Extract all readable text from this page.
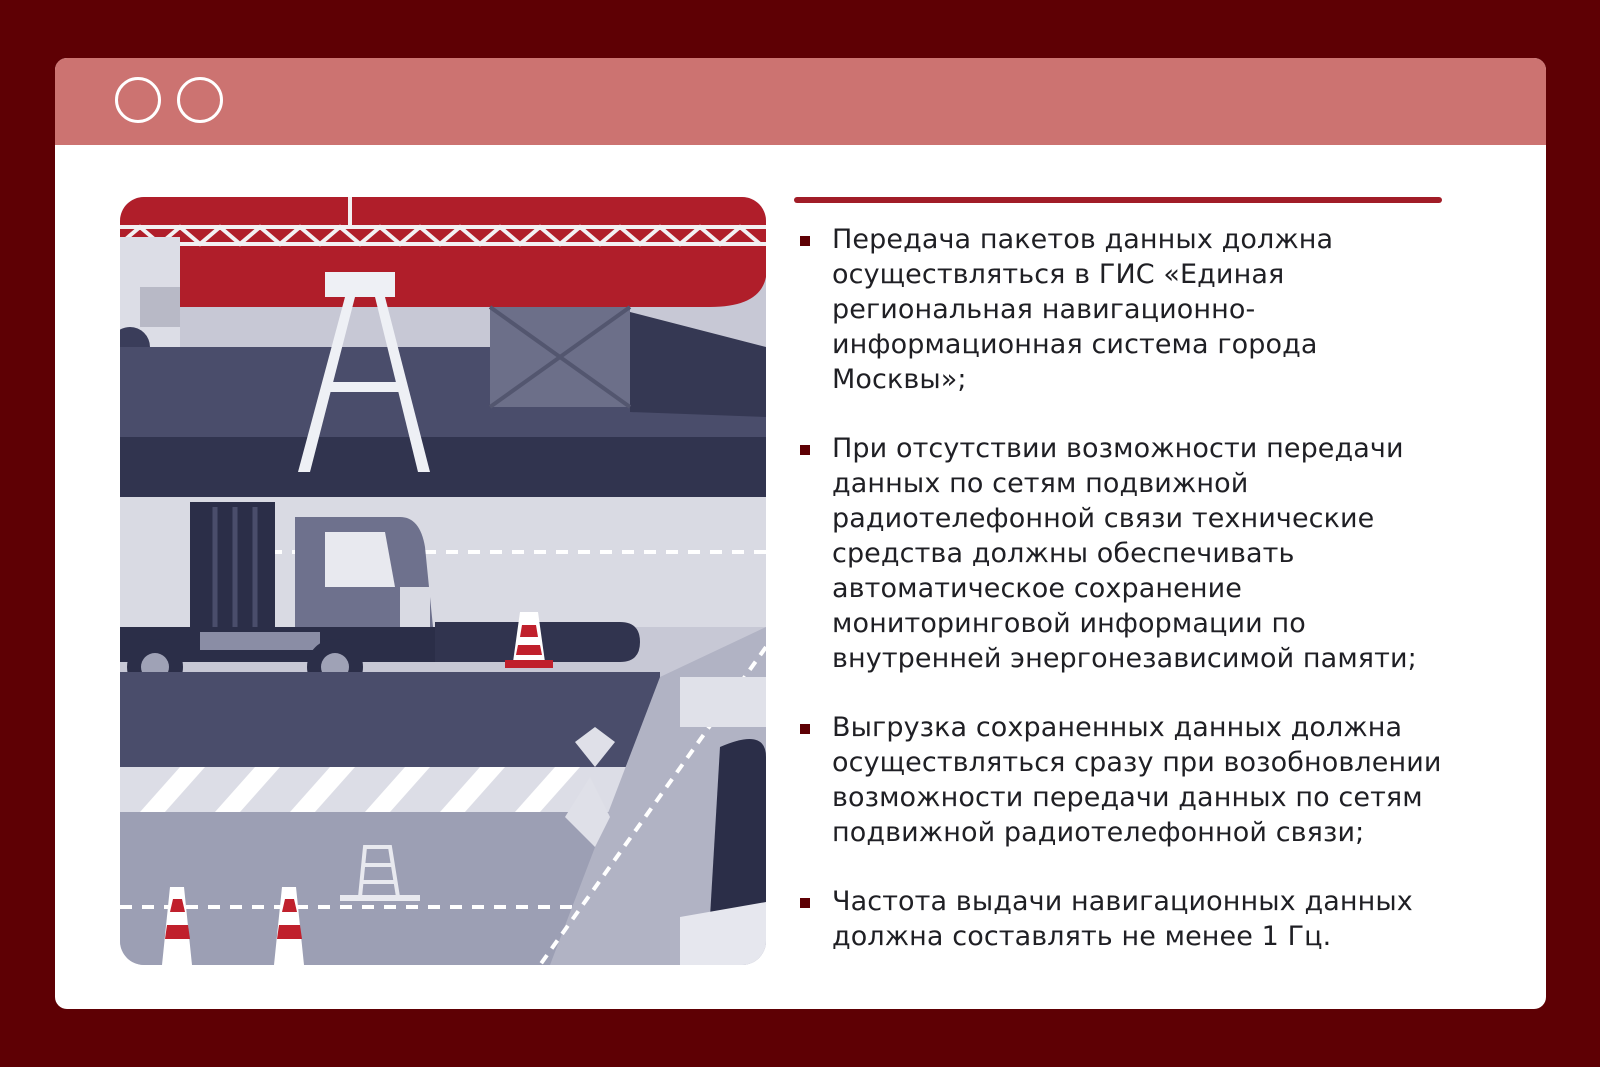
Передача пакетов данных должна
осуществляться в ГИС «Единая
региональная навигационно-
информационная система города
Москвы»;
При отсутствии возможности передачи
данных по сетям подвижной
радиотелефонной связи технические
средства должны обеспечивать
автоматическое сохранение
мониторинговой информации по
внутренней энергонезависимой памяти;
Выгрузка сохраненных данных должна
осуществляться сразу при возобновлении
возможности передачи данных по сетям
подвижной радиотелефонной связи;
Частота выдачи навигационных данных
должна составлять не менее 1 Гц.
